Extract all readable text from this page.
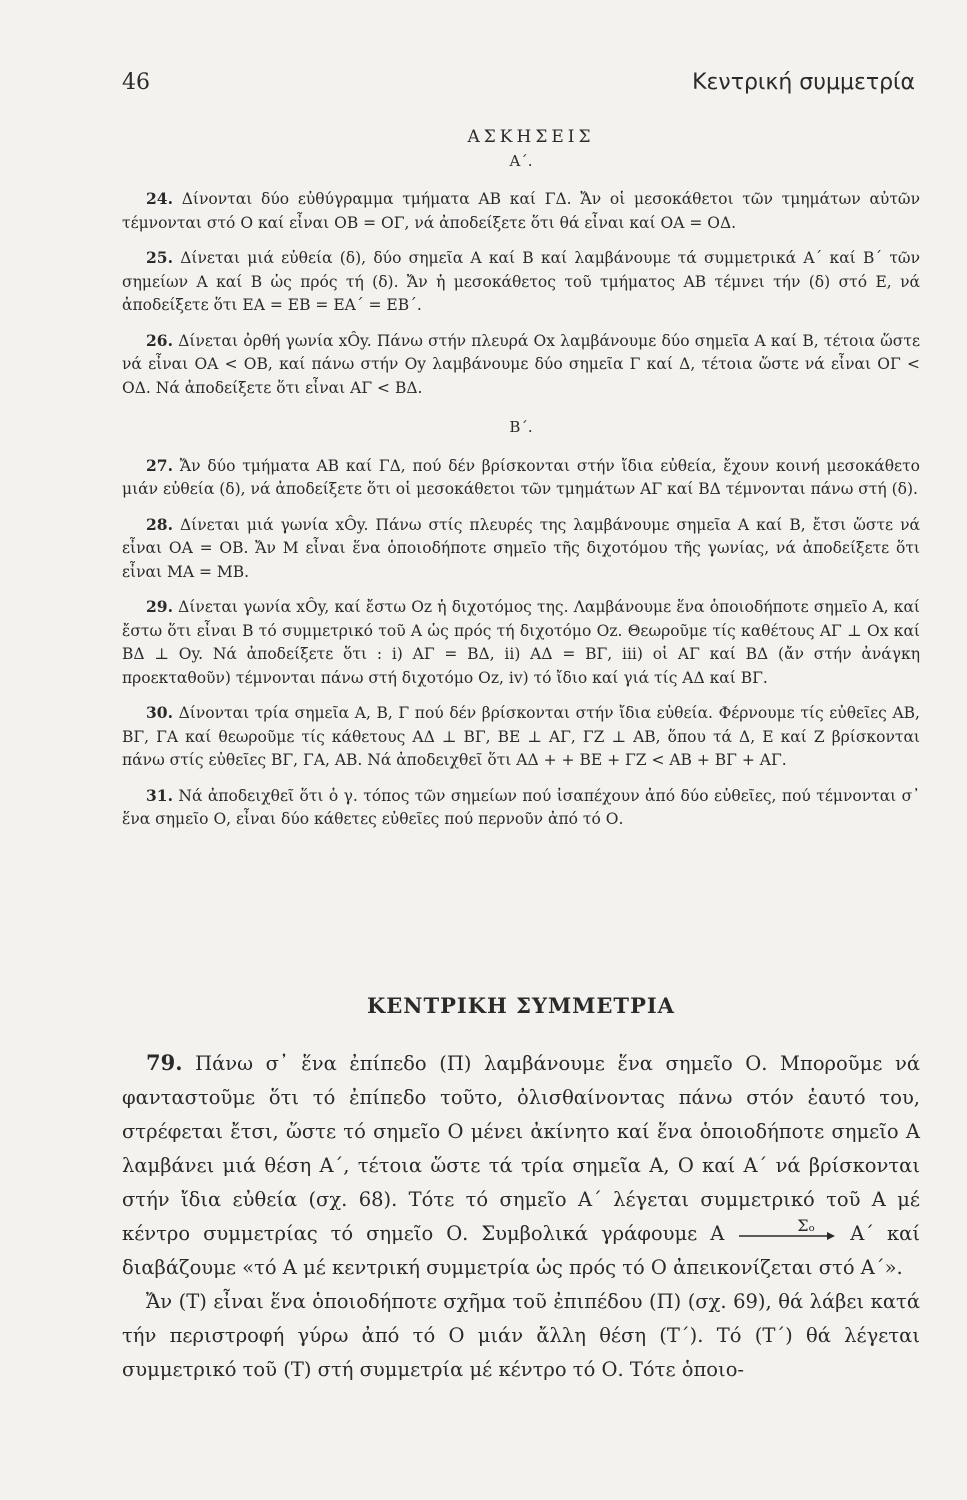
46	Κεντρική συμμετρία
ΑΣΚΗΣΕΙΣ
Α΄.

24. Δίνονται δύο εὐθύγραμμα τμήματα ΑΒ καί ΓΔ. Ἄν οἱ μεσοκάθετοι τῶν τμημάτων αὐτῶν τέμνονται στό Ο καί εἶναι ΟΒ = ΟΓ, νά ἀποδείξετε ὅτι θά εἶναι καί ΟΑ = ΟΔ.

25. Δίνεται μιά εὐθεία (δ), δύο σημεῖα Α καί Β καί λαμβάνουμε τά συμμετρικά Α΄ καί Β΄ τῶν σημείων Α καί Β ὡς πρός τή (δ). Ἄν ἡ μεσοκάθετος τοῦ τμήματος ΑΒ τέμνει τήν (δ) στό Ε, νά ἀποδείξετε ὅτι ΕΑ = ΕΒ = ΕΑ΄ = ΕΒ΄.

26. Δίνεται ὀρθή γωνία xÔy. Πάνω στήν πλευρά Οx λαμβάνουμε δύο σημεῖα Α καί Β, τέτοια ὥστε νά εἶναι ΟΑ < ΟΒ, καί πάνω στήν Οy λαμβάνουμε δύο σημεῖα Γ καί Δ, τέτοια ὥστε νά εἶναι ΟΓ < ΟΔ. Νά ἀποδείξετε ὅτι εἶναι ΑΓ < ΒΔ.

Β΄.

27. Ἄν δύο τμήματα ΑΒ καί ΓΔ, πού δέν βρίσκονται στήν ἴδια εὐθεία, ἔχουν κοινή μεσοκάθετο μιάν εὐθεία (δ), νά ἀποδείξετε ὅτι οἱ μεσοκάθετοι τῶν τμημάτων ΑΓ καί ΒΔ τέμνονται πάνω στή (δ).

28. Δίνεται μιά γωνία xÔy. Πάνω στίς πλευρές της λαμβάνουμε σημεῖα Α καί Β, ἔτσι ὥστε νά εἶναι ΟΑ = ΟΒ. Ἄν Μ εἶναι ἕνα ὁποιοδήποτε σημεῖο τῆς διχοτόμου τῆς γωνίας, νά ἀποδείξετε ὅτι εἶναι ΜΑ = ΜΒ.

29. Δίνεται γωνία xÔy, καί ἔστω Οz ἡ διχοτόμος της. Λαμβάνουμε ἕνα ὁποιοδήποτε σημεῖο Α, καί ἔστω ὅτι εἶναι Β τό συμμετρικό τοῦ Α ὡς πρός τή διχοτόμο Οz. Θεωροῦμε τίς καθέτους ΑΓ ⊥ Οx καί ΒΔ ⊥ Οy. Νά ἀποδείξετε ὅτι : i) ΑΓ = ΒΔ, ii) ΑΔ = ΒΓ, iii) οἱ ΑΓ καί ΒΔ (ἄν στήν ἀνάγκη προεκταθοῦν) τέμνονται πάνω στή διχοτόμο Οz, iv) τό ἴδιο καί γιά τίς ΑΔ καί ΒΓ.

30. Δίνονται τρία σημεῖα Α, Β, Γ πού δέν βρίσκονται στήν ἴδια εὐθεία. Φέρνουμε τίς εὐθεῖες ΑΒ, ΒΓ, ΓΑ καί θεωροῦμε τίς κάθετους ΑΔ ⊥ ΒΓ, ΒΕ ⊥ ΑΓ, ΓΖ ⊥ ΑΒ, ὅπου τά Δ, Ε καί Ζ βρίσκονται πάνω στίς εὐθεῖες ΒΓ, ΓΑ, ΑΒ. Νά ἀποδειχθεῖ ὅτι ΑΔ + + ΒΕ + ΓΖ < ΑΒ + ΒΓ + ΑΓ.

31. Νά ἀποδειχθεῖ ὅτι ὁ γ. τόπος τῶν σημείων πού ἰσαπέχουν ἀπό δύο εὐθεῖες, πού τέμνονται σ᾽ ἕνα σημεῖο Ο, εἶναι δύο κάθετες εὐθεῖες πού περνοῦν ἀπό τό Ο.

ΚΕΝΤΡΙΚΗ ΣΥΜΜΕΤΡΙΑ

79. Πάνω σ᾽ ἕνα ἐπίπεδο (Π) λαμβάνουμε ἕνα σημεῖο Ο. Μποροῦμε νά φανταστοῦμε ὅτι τό ἐπίπεδο τοῦτο, ὀλισθαίνοντας πάνω στόν ἑαυτό του, στρέφεται ἔτσι, ὥστε τό σημεῖο Ο μένει ἀκίνητο καί ἕνα ὁποιοδήποτε σημεῖο Α λαμβάνει μιά θέση Α΄, τέτοια ὥστε τά τρία σημεῖα Α, Ο καί Α΄ νά βρίσκονται στήν ἴδια εὐθεία (σχ. 68). Τότε τό σημεῖο Α΄ λέγεται συμμετρικό τοῦ Α μέ κέντρο συμμετρίας τό σημεῖο Ο. Συμβολικά γράφουμε Α	Σₒ Α΄ καί διαβάζουμε «τό Α μέ κεντρική συμμετρία ὡς πρός τό Ο ἀπεικονίζεται στό Α΄».

Ἄν (Τ) εἶναι ἕνα ὁποιοδήποτε σχῆμα τοῦ ἐπιπέδου (Π) (σχ. 69), θά λάβει κατά τήν περιστροφή γύρω ἀπό τό Ο μιάν ἄλλη θέση (Τ΄). Τό (Τ΄) θά λέγεται συμμετρικό τοῦ (Τ) στή συμμετρία μέ κέντρο τό Ο. Τότε ὁποιο-
